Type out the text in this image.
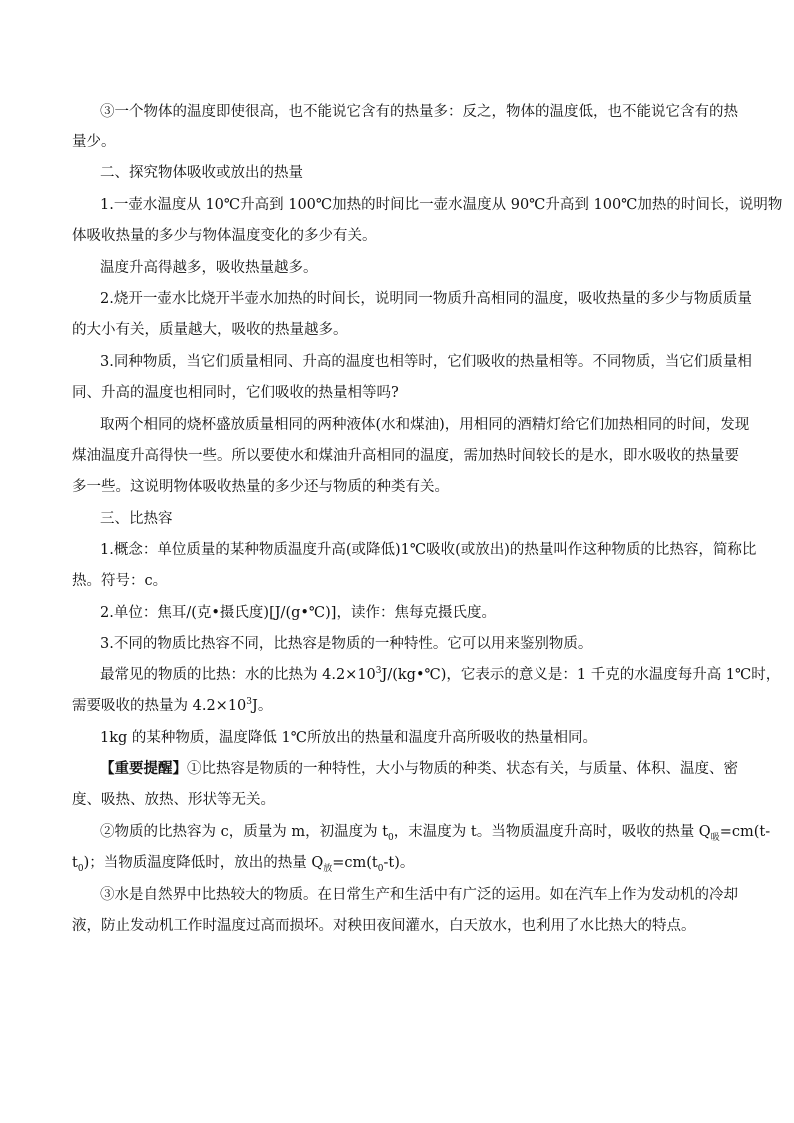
③一个物体的温度即使很高，也不能说它含有的热量多：反之，物体的温度低，也不能说它含有的热
量少。
二、探究物体吸收或放出的热量
1.一壶水温度从 10℃升高到 100℃加热的时间比一壶水温度从 90℃升高到 100℃加热的时间长，说明物
体吸收热量的多少与物体温度变化的多少有关。
温度升高得越多，吸收热量越多。
2.烧开一壶水比烧开半壶水加热的时间长，说明同一物质升高相同的温度，吸收热量的多少与物质质量
的大小有关，质量越大，吸收的热量越多。
3.同种物质，当它们质量相同、升高的温度也相等时，它们吸收的热量相等。不同物质，当它们质量相
同、升高的温度也相同时，它们吸收的热量相等吗?
取两个相同的烧杯盛放质量相同的两种液体(水和煤油)，用相同的酒精灯给它们加热相同的时间，发现
煤油温度升高得快一些。所以要使水和煤油升高相同的温度，需加热时间较长的是水，即水吸收的热量要
多一些。这说明物体吸收热量的多少还与物质的种类有关。
三、比热容
1.概念：单位质量的某种物质温度升高(或降低)1℃吸收(或放出)的热量叫作这种物质的比热容，简称比
热。符号：c。
2.单位：焦耳/(克•摄氏度)[J/(g•℃)]，读作：焦每克摄氏度。
3.不同的物质比热容不同，比热容是物质的一种特性。它可以用来鉴别物质。
最常见的物质的比热：水的比热为 $4.2\times 10^3J/(kg•℃)$，它表示的意义是：1 千克的水温度每升高 1℃时，
需要吸收的热量为 $4.2\times 10^3J$。
1kg 的某种物质，温度降低 1℃所放出的热量和温度升高所吸收的热量相同。
【重要提醒】①比热容是物质的一种特性，大小与物质的种类、状态有关，与质量、体积、温度、密
度、吸热、放热、形状等无关。
②物质的比热容为 c，质量为 m，初温度为 $t_0$，末温度为 t。当物质温度升高时，吸收的热量 $Q_吸=cm(t-$
$t_0$)；当物质温度降低时，放出的热量 $Q_放=cm(t_0-t)$。
③水是自然界中比热较大的物质。在日常生产和生活中有广泛的运用。如在汽车上作为发动机的冷却
液，防止发动机工作时温度过高而损坏。对秧田夜间灌水，白天放水，也利用了水比热大的特点。
